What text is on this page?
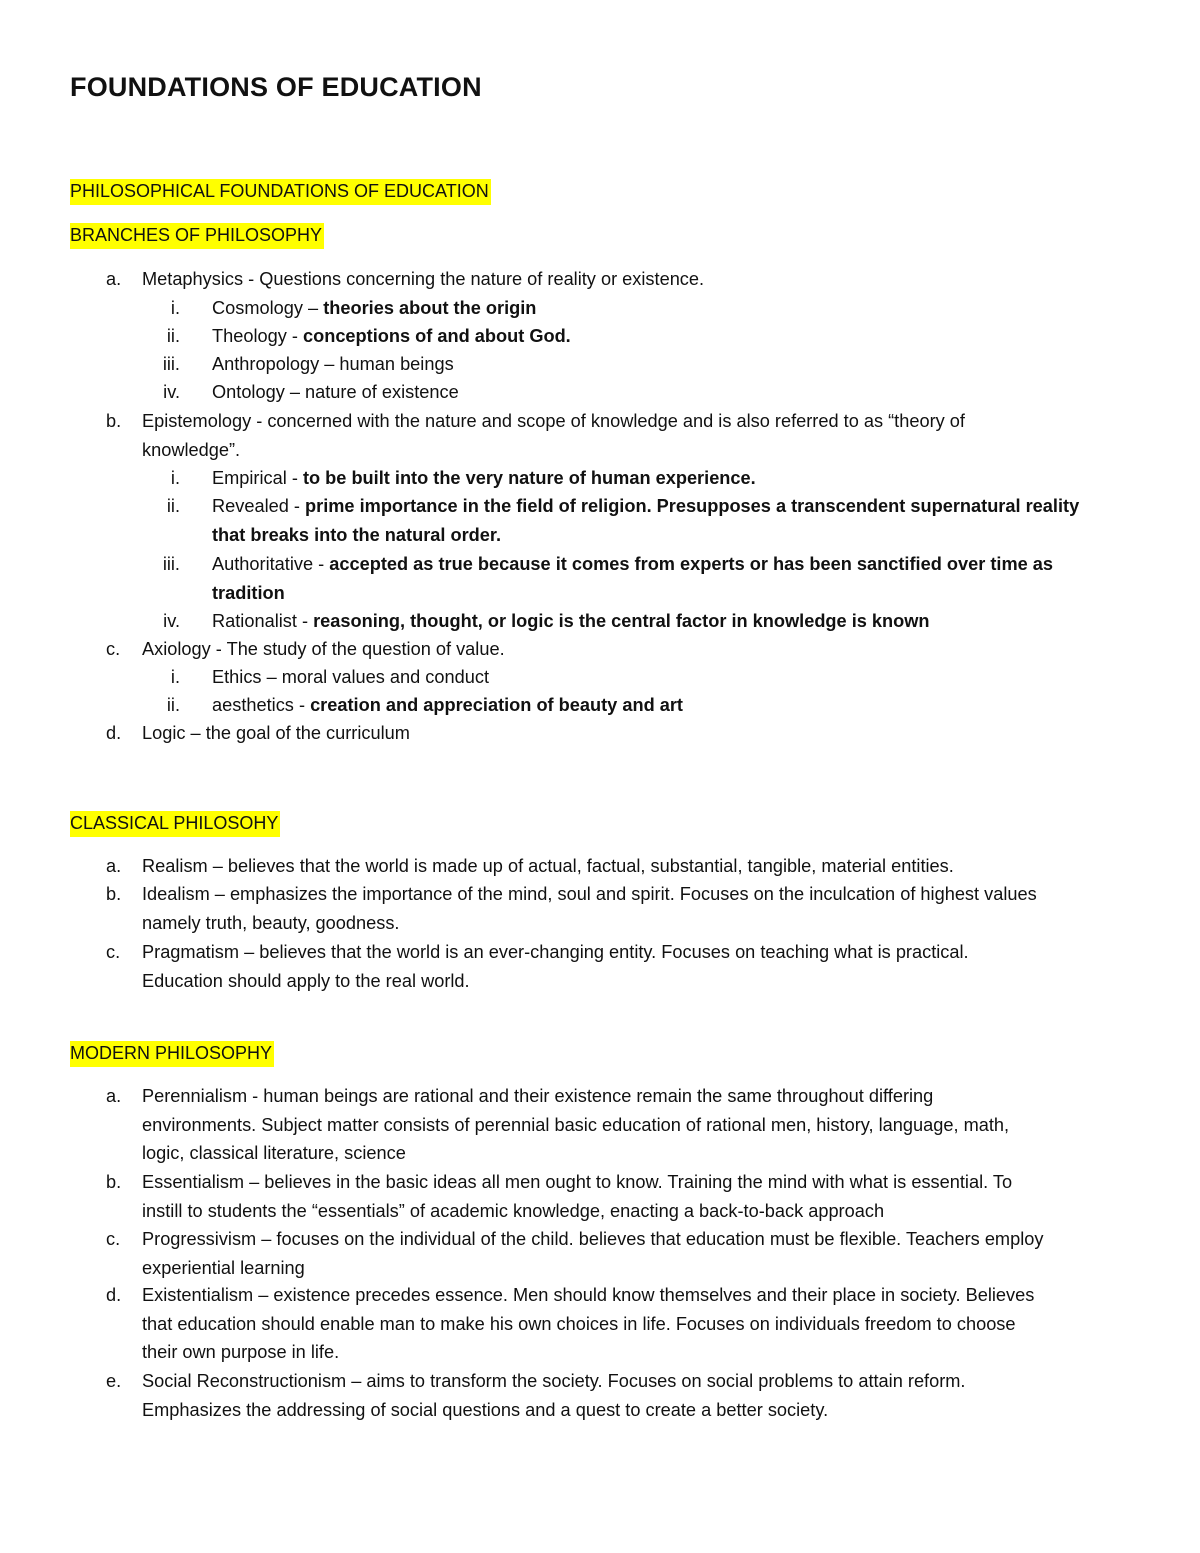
FOUNDATIONS OF EDUCATION
PHILOSOPHICAL FOUNDATIONS OF EDUCATION
BRANCHES OF PHILOSOPHY
a. Metaphysics - Questions concerning the nature of reality or existence.
i. Cosmology – theories about the origin
ii. Theology - conceptions of and about God.
iii. Anthropology – human beings
iv. Ontology – nature of existence
b. Epistemology - concerned with the nature and scope of knowledge and is also referred to as “theory of
knowledge”.
i. Empirical - to be built into the very nature of human experience.
ii. Revealed - prime importance in the field of religion. Presupposes a transcendent supernatural reality
that breaks into the natural order.
iii. Authoritative - accepted as true because it comes from experts or has been sanctified over time as
tradition
iv. Rationalist - reasoning, thought, or logic is the central factor in knowledge is known
c.	Axiology - The study of the question of value.
i. Ethics – moral values and conduct
ii. aesthetics - creation and appreciation of beauty and art
d. Logic – the goal of the curriculum
CLASSICAL PHILOSOHY
a. Realism – believes that the world is made up of actual, factual, substantial, tangible, material entities.
b. Idealism – emphasizes the importance of the mind, soul and spirit. Focuses on the inculcation of highest values
namely truth, beauty, goodness.
c.	Pragmatism – believes that the world is an ever-changing entity. Focuses on teaching what is practical.
Education should apply to the real world.
MODERN PHILOSOPHY
a. Perennialism - human beings are rational and their existence remain the same throughout differing
environments. Subject matter consists of perennial basic education of rational men, history, language, math,
logic, classical literature, science
b. Essentialism – believes in the basic ideas all men ought to know. Training the mind with what is essential. To
instill to students the “essentials” of academic knowledge, enacting a back-to-back approach
c.	Progressivism – focuses on the individual of the child. believes that education must be flexible. Teachers employ
experiential learning
d. Existentialism – existence precedes essence. Men should know themselves and their place in society. Believes
that education should enable man to make his own choices in life. Focuses on individuals freedom to choose
their own purpose in life.
e. Social Reconstructionism – aims to transform the society. Focuses on social problems to attain reform.
Emphasizes the addressing of social questions and a quest to create a better society.
